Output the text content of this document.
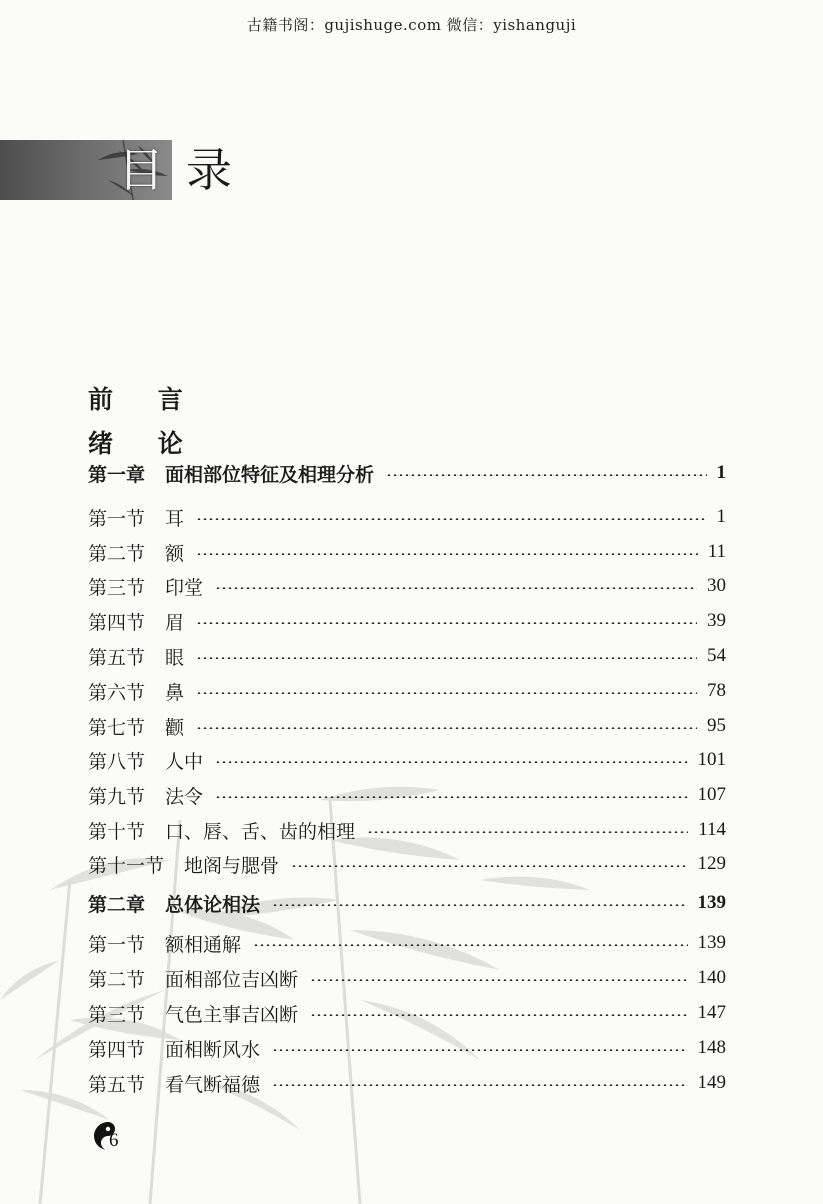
古籍书阁：gujishuge.com 微信：yishanguji
目 录
前 言
绪 论
第一章 面相部位特征及相理分析	1
第一节 耳	1
第二节 额	11
第三节 印堂	30
第四节 眉	39
第五节 眼	54
第六节 鼻	78
第七节 颧	95
第八节 人中	101
第九节 法令	107
第十节 口、唇、舌、齿的相理	114
第十一节 地阁与腮骨	129
第二章 总体论相法	139
第一节 额相通解	139
第二节 面相部位吉凶断	140
第三节 气色主事吉凶断	147
第四节 面相断风水	148
第五节 看气断福德	149
6
